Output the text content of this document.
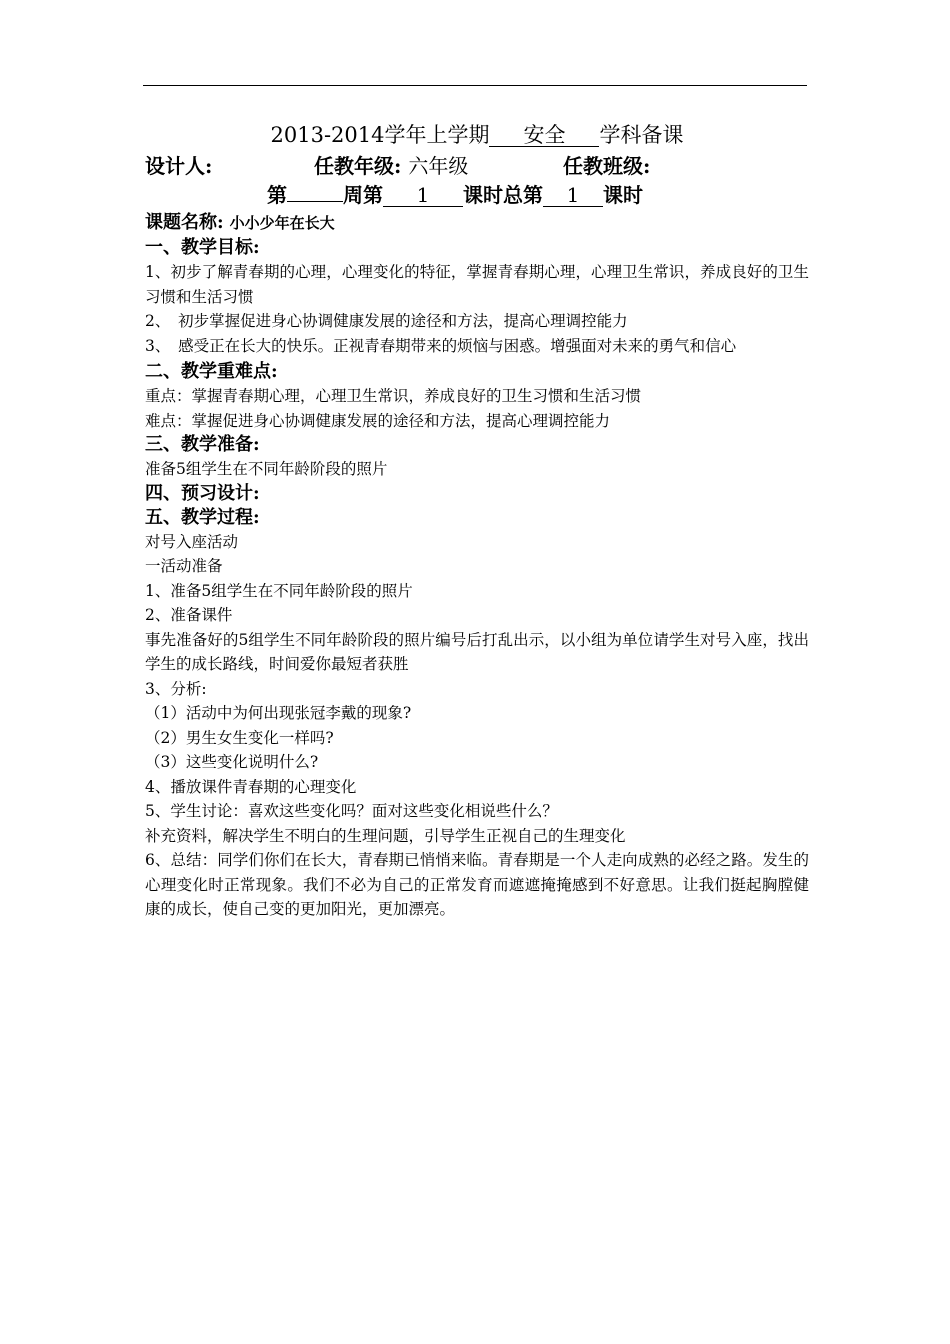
2013-2014学年上学期 安全 学科备课
设计人:	任教年级: 六年级	任教班级:
第	周第 1 课时总第 1 课时
课题名称: 小小少年在长大
一、教学目标:

1、初步了解青春期的心理，心理变化的特征，掌握青春期心理，心理卫生常识，养成良好的卫生习惯和生活习惯

2、　初步掌握促进身心协调健康发展的途径和方法，提高心理调控能力

3、　感受正在长大的快乐。正视青春期带来的烦恼与困惑。增强面对未来的勇气和信心

二、教学重难点:

重点：掌握青春期心理，心理卫生常识，养成良好的卫生习惯和生活习惯

难点：掌握促进身心协调健康发展的途径和方法，提高心理调控能力

三、教学准备:

准备5组学生在不同年龄阶段的照片

四、预习设计:
五、教学过程:

对号入座活动

一活动准备

1、准备5组学生在不同年龄阶段的照片

2、准备课件

事先准备好的5组学生不同年龄阶段的照片编号后打乱出示，以小组为单位请学生对号入座，找出学生的成长路线，时间爱你最短者获胜

3、分析:

（1）活动中为何出现张冠李戴的现象?

（2）男生女生变化一样吗?

（3）这些变化说明什么?

4、播放课件青春期的心理变化

5、学生讨论：喜欢这些变化吗？面对这些变化相说些什么？

补充资料，解决学生不明白的生理问题，引导学生正视自己的生理变化

6、总结：同学们你们在长大，青春期已悄悄来临。青春期是一个人走向成熟的必经之路。发生的心理变化时正常现象。我们不必为自己的正常发育而遮遮掩掩感到不好意思。让我们挺起胸膛健康的成长，使自己变的更加阳光，更加漂亮。
